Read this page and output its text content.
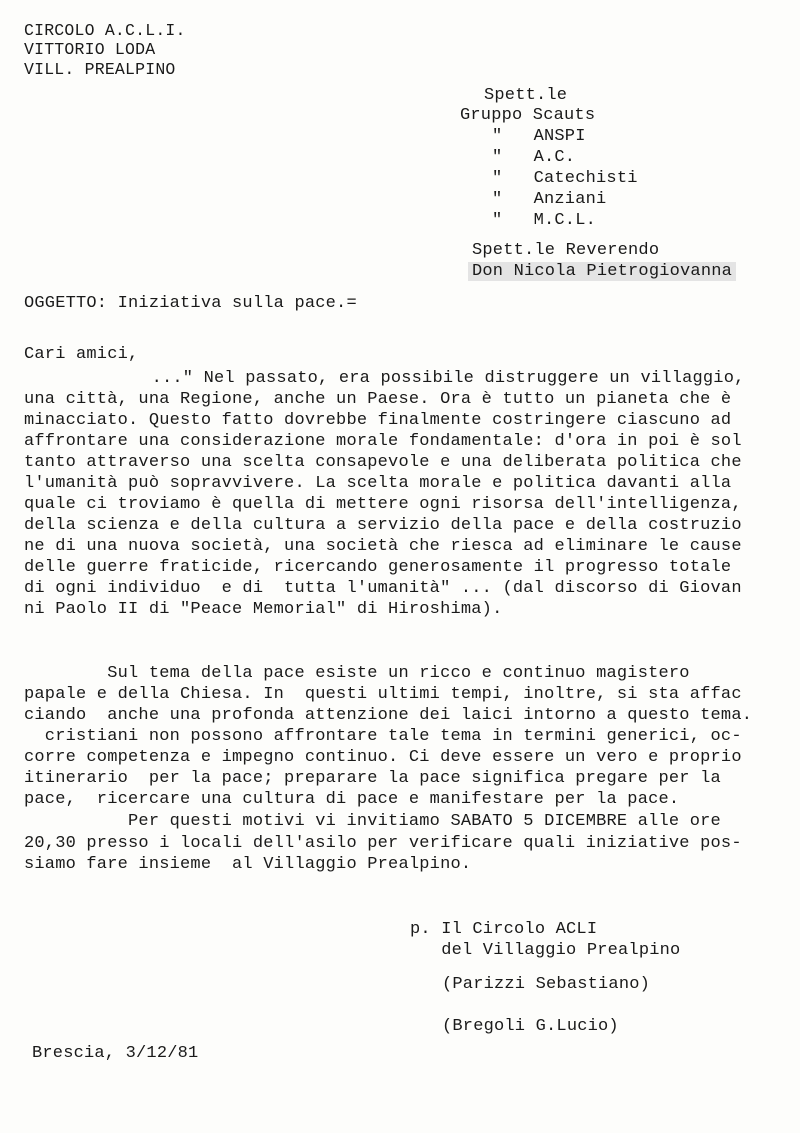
CIRCOLO A.C.L.I.
VITTORIO LODA
VILL. PREALPINO
Spett.le
Gruppo Scauts
"   ANSPI
"   A.C.
"   Catechisti
"   Anziani
"   M.C.L.
Spett.le Reverendo
Don Nicola Pietrogiovanna
OGGETTO: Iniziativa sulla pace.=
Cari amici,
..." Nel passato, era possibile distruggere un villaggio,
una città, una Regione, anche un Paese. Ora è tutto un pianeta che è
minacciato. Questo fatto dovrebbe finalmente costringere ciascuno ad
affrontare una considerazione morale fondamentale: d'ora in poi è sol
tanto attraverso una scelta consapevole e una deliberata politica che
l'umanità può sopravvivere. La scelta morale e politica davanti alla
quale ci troviamo è quella di mettere ogni risorsa dell'intelligenza,
della scienza e della cultura a servizio della pace e della costruzio
ne di una nuova società, una società che riesca ad eliminare le cause
delle guerre fraticide, ricercando generosamente il progresso totale
di ogni individuo  e di  tutta l'umanità" ... (dal discorso di Giovan
ni Paolo II di "Peace Memorial" di Hiroshima).
Sul tema della pace esiste un ricco e continuo magistero
papale e della Chiesa. In  questi ultimi tempi, inoltre, si sta affac
ciando  anche una profonda attenzione dei laici intorno a questo tema.
cristiani non possono affrontare tale tema in termini generici, oc-
corre competenza e impegno continuo. Ci deve essere un vero e proprio
itinerario  per la pace; preparare la pace significa pregare per la
pace,  ricercare una cultura di pace e manifestare per la pace.
Per questi motivi vi invitiamo SABATO 5 DICEMBRE alle ore
20,30 presso i locali dell'asilo per verificare quali iniziative pos-
siamo fare insieme  al Villaggio Prealpino.
p. Il Circolo ACLI
del Villaggio Prealpino
(Parizzi Sebastiano)
(Bregoli G.Lucio)
Brescia, 3/12/81
